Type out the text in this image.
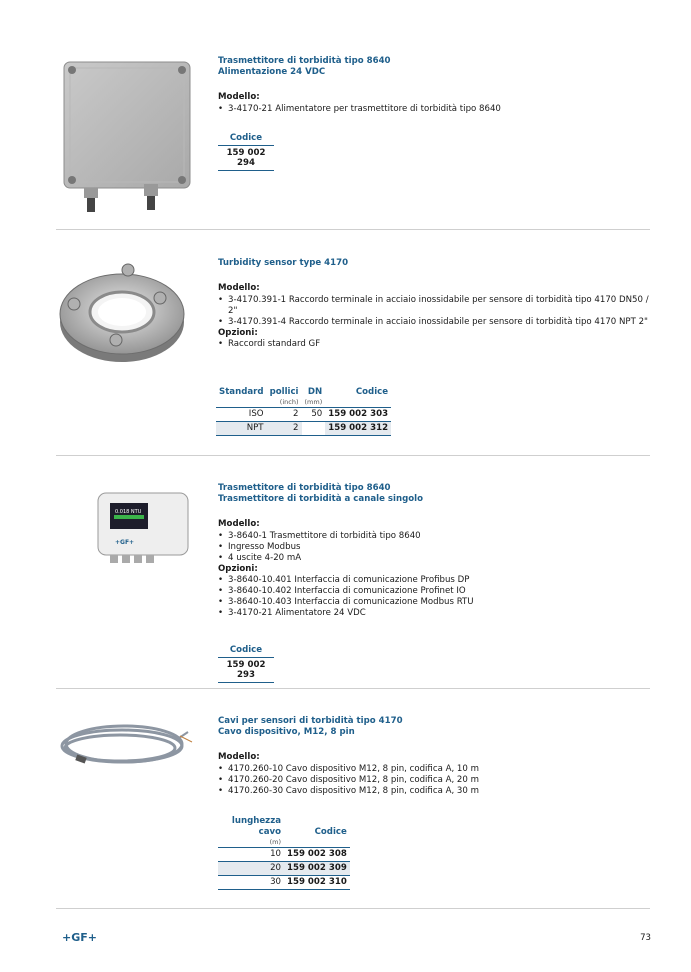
Trasmettitore di torbidità tipo 8640
Alimentazione 24 VDC
Modello:
• 3-4170-21 Alimentatore per trasmettitore di torbidità tipo 8640
Codice
159 002 294
Turbidity sensor type 4170
Modello:
• 3-4170.391-1 Raccordo terminale in acciaio inossidabile per sensore di torbidità tipo 4170 DN50 / 2"
• 3-4170.391-4 Raccordo terminale in acciaio inossidabile per sensore di torbidità tipo 4170 NPT 2"
Opzioni:
• Raccordi standard GF
Standard	pollici	DN	Codice
	(inch)	(mm)	

ISO	2	50	159 002 303
NPT	2		159 002 312
0.018 NTU
+GF+
Trasmettitore di torbidità tipo 8640
Trasmettitore di torbidità a canale singolo
Modello:
• 3-8640-1 Trasmettitore di torbidità tipo 8640
• Ingresso Modbus
• 4 uscite 4-20 mA
Opzioni:
• 3-8640-10.401 Interfaccia di comunicazione Profibus DP
• 3-8640-10.402 Interfaccia di comunicazione Profinet IO
• 3-8640-10.403 Interfaccia di comunicazione Modbus RTU
• 3-4170-21 Alimentatore 24 VDC
Codice
159 002 293
Cavi per sensori di torbidità tipo 4170
Cavo dispositivo, M12, 8 pin
Modello:
• 4170.260-10 Cavo dispositivo M12, 8 pin, codifica A, 10 m
• 4170.260-20 Cavo dispositivo M12, 8 pin, codifica A, 20 m
• 4170.260-30 Cavo dispositivo M12, 8 pin, codifica A, 30 m
lunghezza cavo	Codice
(m)	

10	159 002 308
20	159 002 309
30	159 002 310
+GF+	73
